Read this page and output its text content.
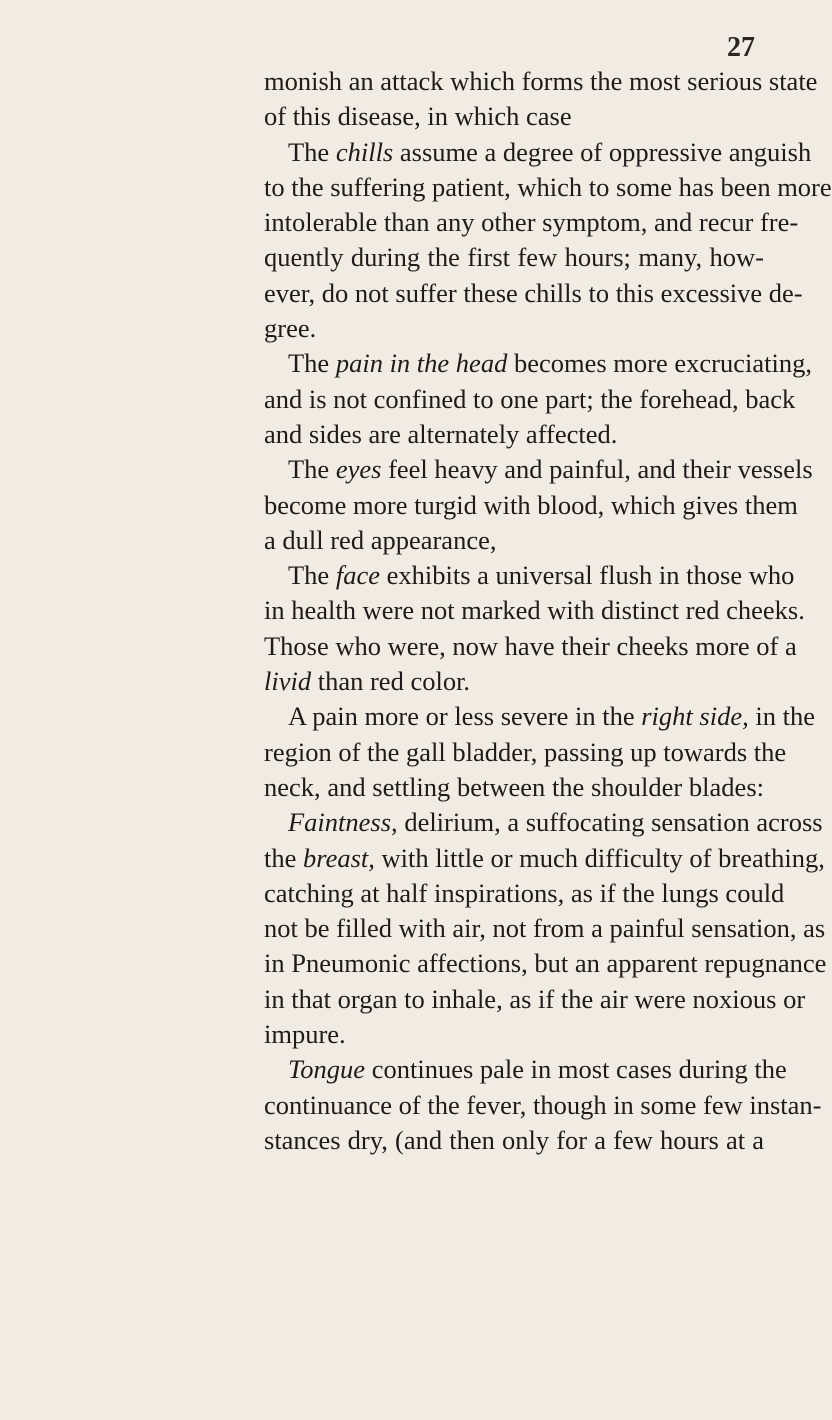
27
monish an attack which forms the most serious state
of this disease, in which case
The chills assume a degree of oppressive anguish
to the suffering patient, which to some has been more
intolerable than any other symptom, and recur fre-
quently during the first few hours; many, how-
ever, do not suffer these chills to this excessive de-
gree.
The pain in the head becomes more excruciating,
and is not confined to one part; the forehead, back
and sides are alternately affected.
The eyes feel heavy and painful, and their vessels
become more turgid with blood, which gives them
a dull red appearance,
The face exhibits a universal flush in those who
in health were not marked with distinct red cheeks.
Those who were, now have their cheeks more of a
livid than red color.
A pain more or less severe in the right side, in the
region of the gall bladder, passing up towards the
neck, and settling between the shoulder blades:
Faintness, delirium, a suffocating sensation across
the breast, with little or much difficulty of breathing,
catching at half inspirations, as if the lungs could
not be filled with air, not from a painful sensation, as
in Pneumonic affections, but an apparent repugnance
in that organ to inhale, as if the air were noxious or
impure.
Tongue continues pale in most cases during the
continuance of the fever, though in some few instan-
stances dry, (and then only for a few hours at a
